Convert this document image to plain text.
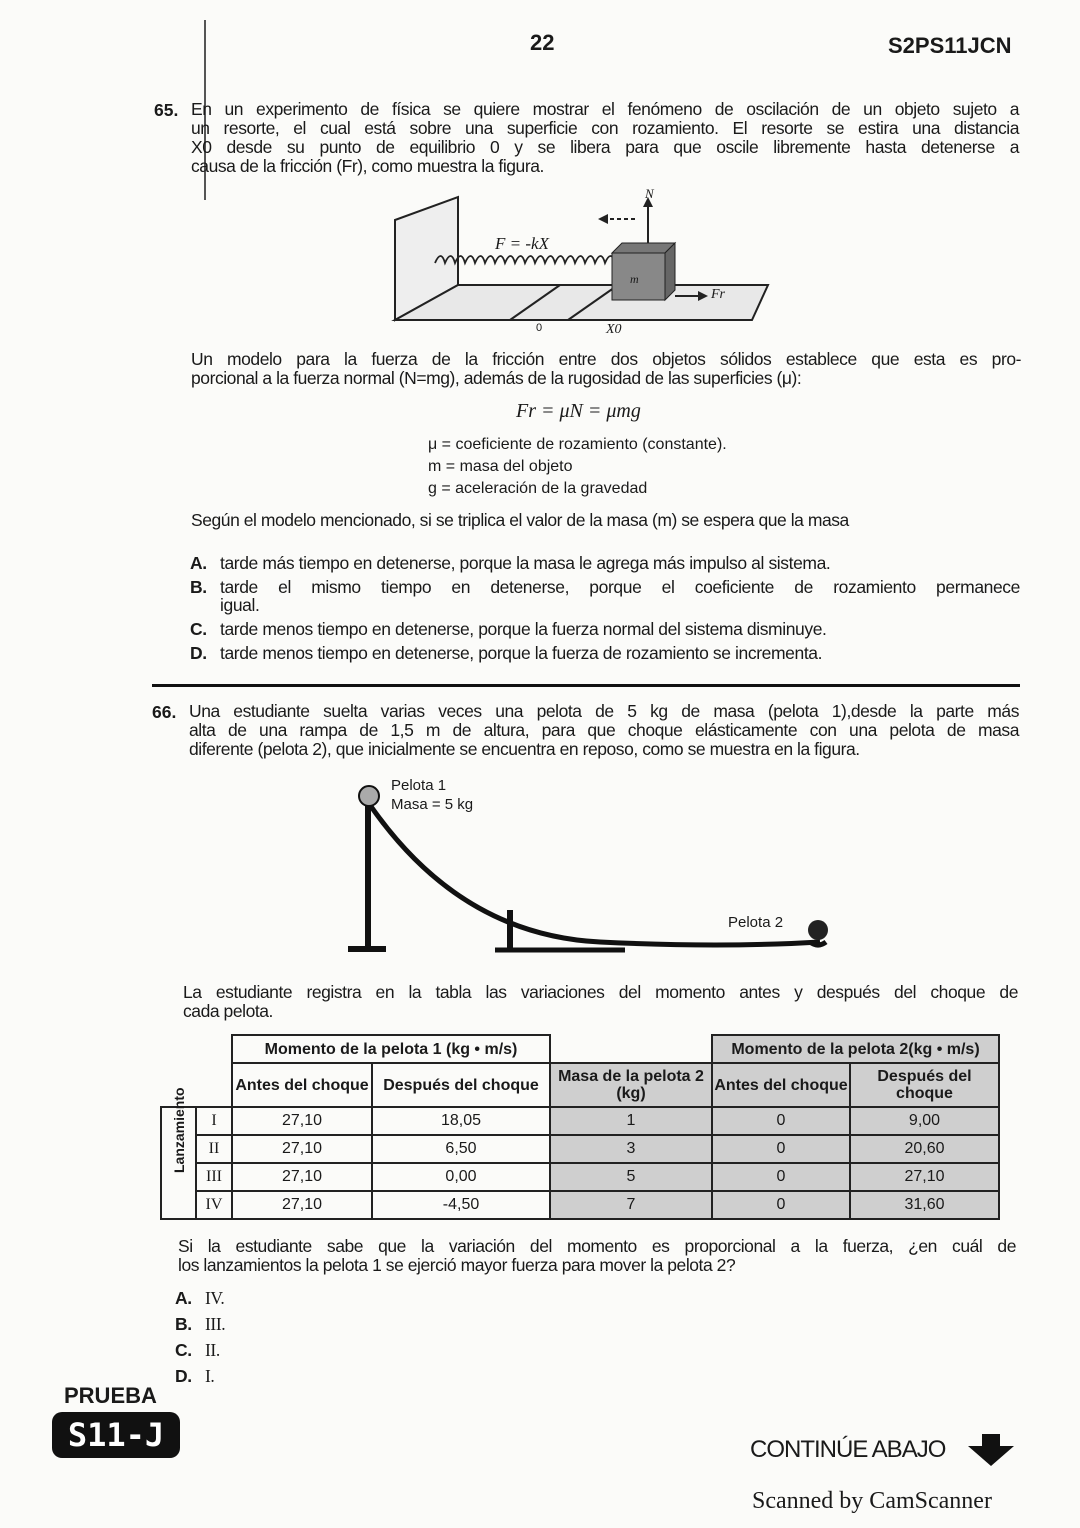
22	S2PS11JCN
65. En un experimento de física se quiere mostrar el fenómeno de oscilación de un objeto sujeto a
un resorte, el cual está sobre una superficie con rozamiento. El resorte se estira una distancia
X0 desde su punto de equilibrio 0 y se libera para que oscile libremente hasta detenerse a
causa de la fricción (Fr), como muestra la figura.
F = -kX
m
N
Fr
0	X0
Un modelo para la fuerza de la fricción entre dos objetos sólidos establece que esta es pro-
porcional a la fuerza normal (N=mg), además de la rugosidad de las superficies (μ):
Fr = μN = μmg
μ = coeficiente de rozamiento (constante).
m = masa del objeto
g = aceleración de la gravedad
Según el modelo mencionado, si se triplica el valor de la masa (m) se espera que la masa
A. tarde más tiempo en detenerse, porque la masa le agrega más impulso al sistema.
B. tarde el mismo tiempo en detenerse, porque el coeficiente de rozamiento permanece
igual.
C. tarde menos tiempo en detenerse, porque la fuerza normal del sistema disminuye.
D. tarde menos tiempo en detenerse, porque la fuerza de rozamiento se incrementa.
66. Una estudiante suelta varias veces una pelota de 5 kg de masa (pelota 1),desde la parte más
alta de una rampa de 1,5 m de altura, para que choque elásticamente con una pelota de masa
diferente (pelota 2), que inicialmente se encuentra en reposo, como se muestra en la figura.
Pelota 1
Masa = 5 kg
Pelota 2
La estudiante registra en la tabla las variaciones del momento antes y después del choque de
cada pelota.
		Momento de la pelota 1 (kg • m/s)			Momento de la pelota 2(kg • m/s)	
		Antes del choque	Después del choque	Masa de la pelota 2 (kg)	Antes del choque	Después del choque

Lanzamiento	I	27,10	18,05	1	0	9,00
	II	27,10	6,50	3	0	20,60
	III	27,10	0,00	5	0	27,10
	IV	27,10	-4,50	7	0	31,60
Si la estudiante sabe que la variación del momento es proporcional a la fuerza, ¿en cuál de
los lanzamientos la pelota 1 se ejerció mayor fuerza para mover la pelota 2?
A. IV.
B. III.
C. II.
D. I.
PRUEBA
S11-J	CONTINÚE ABAJO
Scanned by CamScanner
